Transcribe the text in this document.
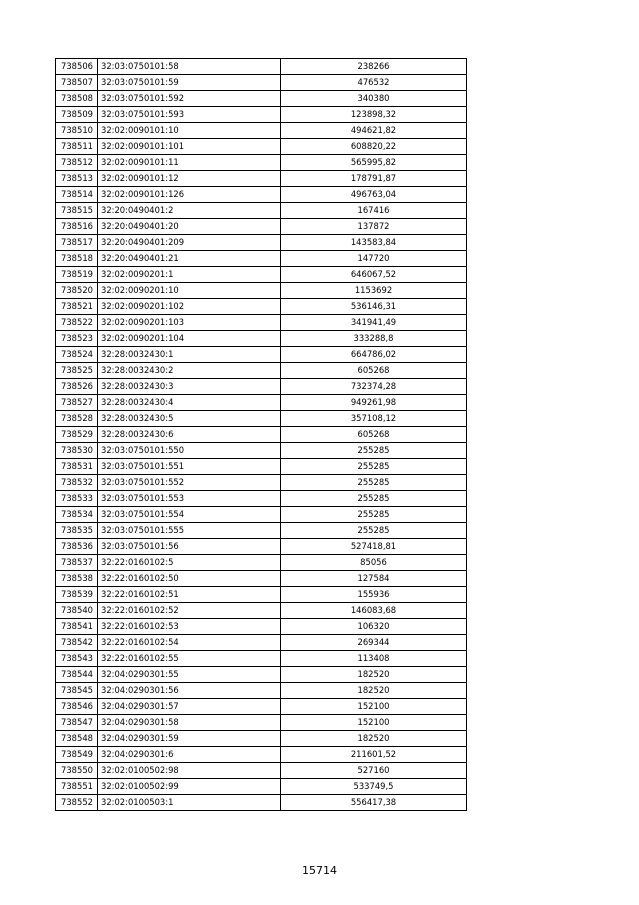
738506	32:03:0750101:58	238266
738507	32:03:0750101:59	476532
738508	32:03:0750101:592	340380
738509	32:03:0750101:593	123898,32
738510	32:02:0090101:10	494621,82
738511	32:02:0090101:101	608820,22
738512	32:02:0090101:11	565995,82
738513	32:02:0090101:12	178791,87
738514	32:02:0090101:126	496763,04
738515	32:20:0490401:2	167416
738516	32:20:0490401:20	137872
738517	32:20:0490401:209	143583,84
738518	32:20:0490401:21	147720
738519	32:02:0090201:1	646067,52
738520	32:02:0090201:10	1153692
738521	32:02:0090201:102	536146,31
738522	32:02:0090201:103	341941,49
738523	32:02:0090201:104	333288,8
738524	32:28:0032430:1	664786,02
738525	32:28:0032430:2	605268
738526	32:28:0032430:3	732374,28
738527	32:28:0032430:4	949261,98
738528	32:28:0032430:5	357108,12
738529	32:28:0032430:6	605268
738530	32:03:0750101:550	255285
738531	32:03:0750101:551	255285
738532	32:03:0750101:552	255285
738533	32:03:0750101:553	255285
738534	32:03:0750101:554	255285
738535	32:03:0750101:555	255285
738536	32:03:0750101:56	527418,81
738537	32:22:0160102:5	85056
738538	32:22:0160102:50	127584
738539	32:22:0160102:51	155936
738540	32:22:0160102:52	146083,68
738541	32:22:0160102:53	106320
738542	32:22:0160102:54	269344
738543	32:22:0160102:55	113408
738544	32:04:0290301:55	182520
738545	32:04:0290301:56	182520
738546	32:04:0290301:57	152100
738547	32:04:0290301:58	152100
738548	32:04:0290301:59	182520
738549	32:04:0290301:6	211601,52
738550	32:02:0100502:98	527160
738551	32:02:0100502:99	533749,5
738552	32:02:0100503:1	556417,38
15714
